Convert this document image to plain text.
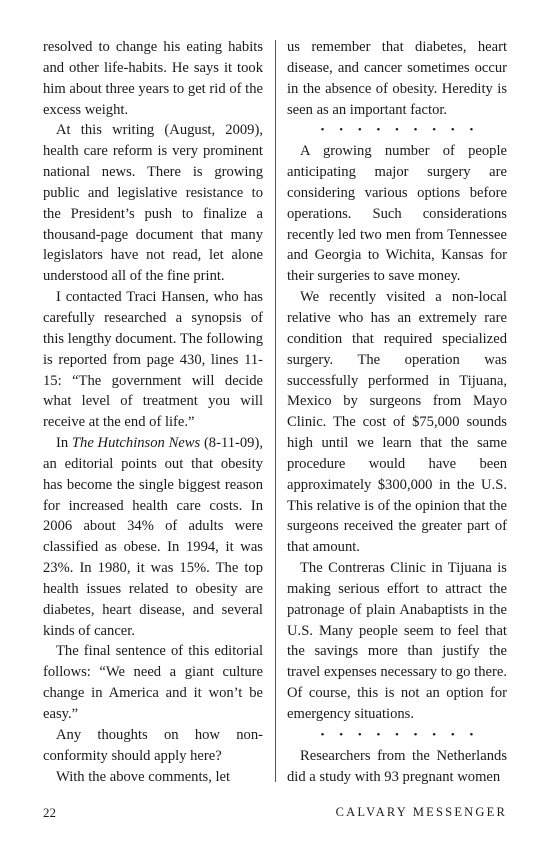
resolved to change his eating habits and other life-habits. He says it took him about three years to get rid of the excess weight.

At this writing (August, 2009), health care reform is very prominent national news. There is growing public and legislative resistance to the President’s push to finalize a thousand-page document that many legislators have not read, let alone understood all of the fine print.

I contacted Traci Hansen, who has carefully researched a synopsis of this lengthy document. The following is reported from page 430, lines 11-15: “The government will decide what level of treatment you will receive at the end of life.”

In The Hutchinson News (8-11-09), an editorial points out that obesity has become the single biggest reason for increased health care costs. In 2006 about 34% of adults were classified as obese. In 1994, it was 23%. In 1980, it was 15%. The top health issues related to obesity are diabetes, heart disease, and several kinds of cancer.

The final sentence of this editorial follows: “We need a giant culture change in America and it won’t be easy.”

Any thoughts on how non-conformity should apply here?

With the above comments, let

us remember that diabetes, heart disease, and cancer sometimes occur in the absence of obesity. Heredity is seen as an important factor.

• • • • • • • • •

A growing number of people anticipating major surgery are considering various options before operations. Such considerations recently led two men from Tennessee and Georgia to Wichita, Kansas for their surgeries to save money.

We recently visited a non-local relative who has an extremely rare condition that required specialized surgery. The operation was successfully performed in Tijuana, Mexico by surgeons from Mayo Clinic. The cost of $75,000 sounds high until we learn that the same procedure would have been approximately $300,000 in the U.S. This relative is of the opinion that the surgeons received the greater part of that amount.

The Contreras Clinic in Tijuana is making serious effort to attract the patronage of plain Anabaptists in the U.S. Many people seem to feel that the savings more than justify the travel expenses necessary to go there. Of course, this is not an option for emergency situations.

• • • • • • • • •

Researchers from the Netherlands did a study with 93 pregnant women

22	CALVARY MESSENGER
